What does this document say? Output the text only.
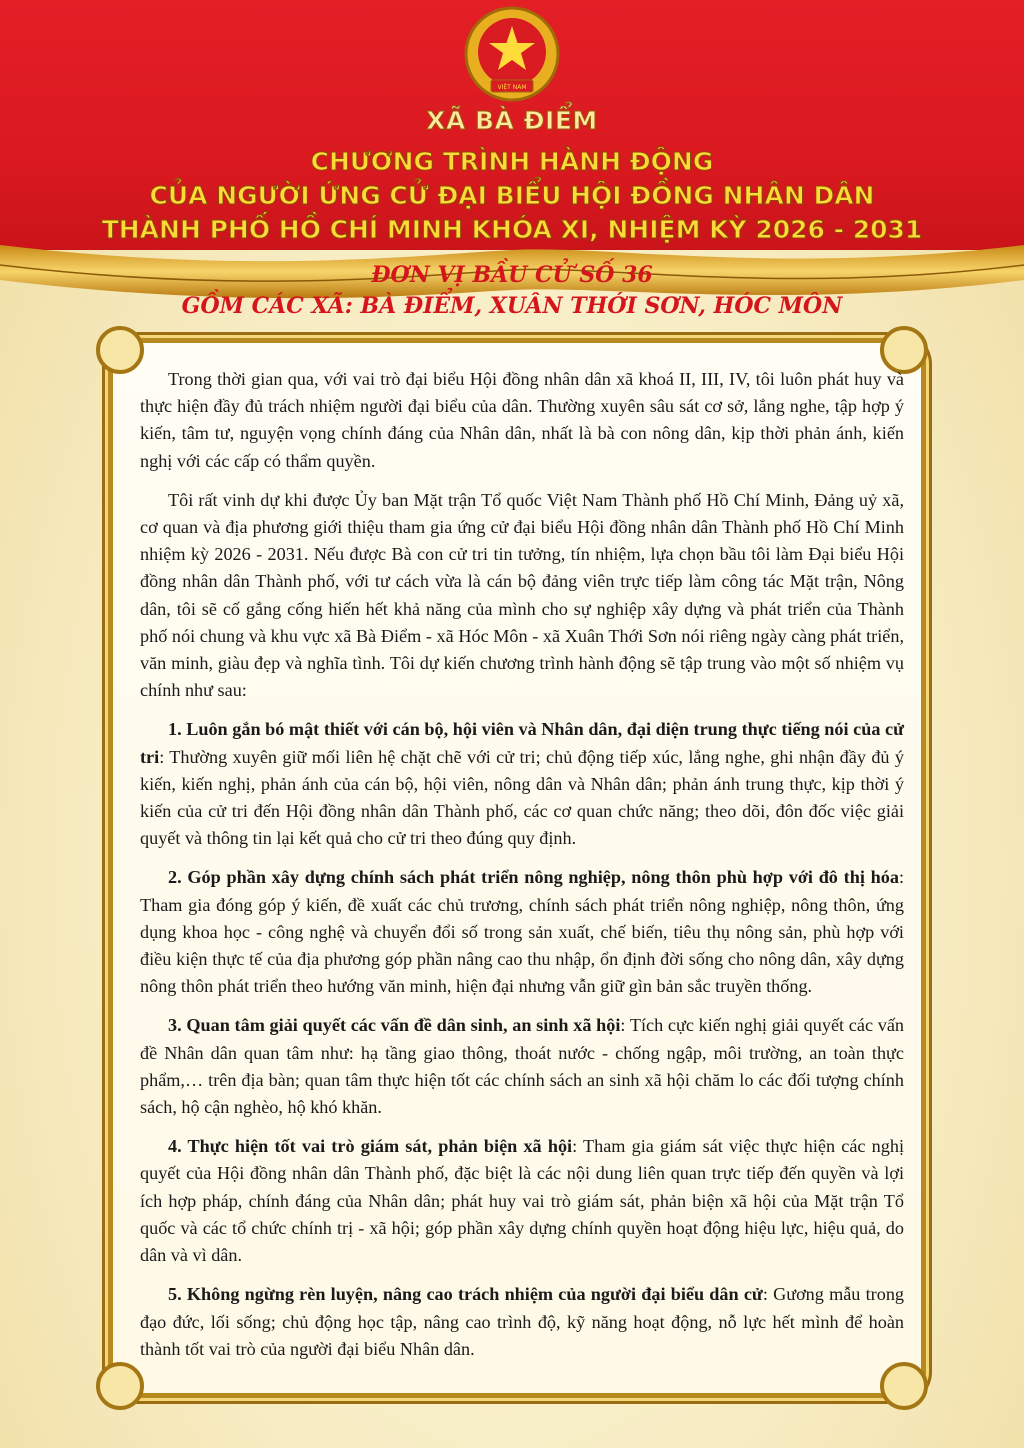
VIỆT NAM
XÃ BÀ ĐIỂM
CHƯƠNG TRÌNH HÀNH ĐỘNG
CỦA NGƯỜI ỨNG CỬ ĐẠI BIỂU HỘI ĐỒNG NHÂN DÂN
THÀNH PHỐ HỒ CHÍ MINH KHÓA XI, NHIỆM KỲ 2026 - 2031
ĐƠN VỊ BẦU CỬ SỐ 36
GỒM CÁC XÃ: BÀ ĐIỂM, XUÂN THỚI SƠN, HÓC MÔN

Trong thời gian qua, với vai trò đại biểu Hội đồng nhân dân xã khoá II, III, IV, tôi luôn phát huy và thực hiện đầy đủ trách nhiệm người đại biểu của dân. Thường xuyên sâu sát cơ sở, lắng nghe, tập hợp ý kiến, tâm tư, nguyện vọng chính đáng của Nhân dân, nhất là bà con nông dân, kịp thời phản ánh, kiến nghị với các cấp có thẩm quyền.

Tôi rất vinh dự khi được Ủy ban Mặt trận Tổ quốc Việt Nam Thành phố Hồ Chí Minh, Đảng uỷ xã, cơ quan và địa phương giới thiệu tham gia ứng cử đại biểu Hội đồng nhân dân Thành phố Hồ Chí Minh nhiệm kỳ 2026 - 2031. Nếu được Bà con cử tri tin tưởng, tín nhiệm, lựa chọn bầu tôi làm Đại biểu Hội đồng nhân dân Thành phố, với tư cách vừa là cán bộ đảng viên trực tiếp làm công tác Mặt trận, Nông dân, tôi sẽ cố gắng cống hiến hết khả năng của mình cho sự nghiệp xây dựng và phát triển của Thành phố nói chung và khu vực xã Bà Điểm - xã Hóc Môn - xã Xuân Thới Sơn nói riêng ngày càng phát triển, văn minh, giàu đẹp và nghĩa tình. Tôi dự kiến chương trình hành động sẽ tập trung vào một số nhiệm vụ chính như sau:

1. Luôn gắn bó mật thiết với cán bộ, hội viên và Nhân dân, đại diện trung thực tiếng nói của cử tri: Thường xuyên giữ mối liên hệ chặt chẽ với cử tri; chủ động tiếp xúc, lắng nghe, ghi nhận đầy đủ ý kiến, kiến nghị, phản ánh của cán bộ, hội viên, nông dân và Nhân dân; phản ánh trung thực, kịp thời ý kiến của cử tri đến Hội đồng nhân dân Thành phố, các cơ quan chức năng; theo dõi, đôn đốc việc giải quyết và thông tin lại kết quả cho cử tri theo đúng quy định.

2. Góp phần xây dựng chính sách phát triển nông nghiệp, nông thôn phù hợp với đô thị hóa: Tham gia đóng góp ý kiến, đề xuất các chủ trương, chính sách phát triển nông nghiệp, nông thôn, ứng dụng khoa học - công nghệ và chuyển đổi số trong sản xuất, chế biến, tiêu thụ nông sản, phù hợp với điều kiện thực tế của địa phương góp phần nâng cao thu nhập, ổn định đời sống cho nông dân, xây dựng nông thôn phát triển theo hướng văn minh, hiện đại nhưng vẫn giữ gìn bản sắc truyền thống.

3. Quan tâm giải quyết các vấn đề dân sinh, an sinh xã hội: Tích cực kiến nghị giải quyết các vấn đề Nhân dân quan tâm như: hạ tầng giao thông, thoát nước - chống ngập, môi trường, an toàn thực phẩm,… trên địa bàn; quan tâm thực hiện tốt các chính sách an sinh xã hội chăm lo các đối tượng chính sách, hộ cận nghèo, hộ khó khăn.

4. Thực hiện tốt vai trò giám sát, phản biện xã hội: Tham gia giám sát việc thực hiện các nghị quyết của Hội đồng nhân dân Thành phố, đặc biệt là các nội dung liên quan trực tiếp đến quyền và lợi ích hợp pháp, chính đáng của Nhân dân; phát huy vai trò giám sát, phản biện xã hội của Mặt trận Tổ quốc và các tổ chức chính trị - xã hội; góp phần xây dựng chính quyền hoạt động hiệu lực, hiệu quả, do dân và vì dân.

5. Không ngừng rèn luyện, nâng cao trách nhiệm của người đại biểu dân cử: Gương mẫu trong đạo đức, lối sống; chủ động học tập, nâng cao trình độ, kỹ năng hoạt động, nỗ lực hết mình để hoàn thành tốt vai trò của người đại biểu Nhân dân.
